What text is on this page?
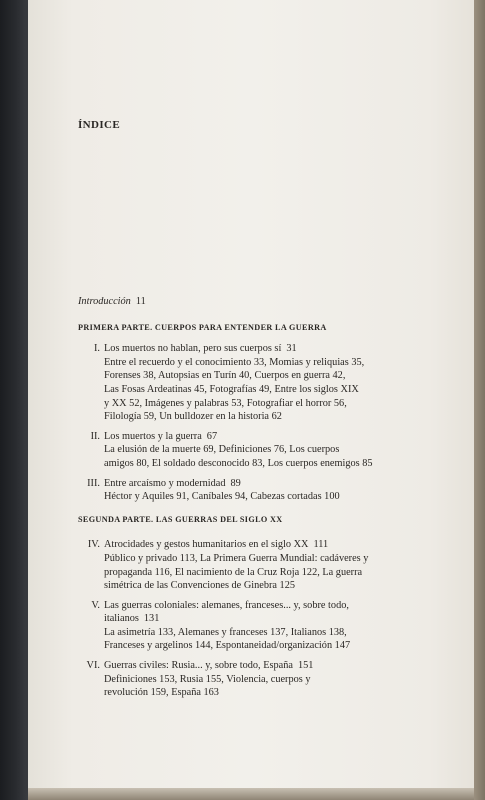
ÍNDICE
Introducción 11
PRIMERA PARTE. CUERPOS PARA ENTENDER LA GUERRA
I. Los muertos no hablan, pero sus cuerpos sí 31
Entre el recuerdo y el conocimiento 33, Momias y reliquias 35,
Forenses 38, Autopsias en Turín 40, Cuerpos en guerra 42,
Las Fosas Ardeatinas 45, Fotografías 49, Entre los siglos XIX
y XX 52, Imágenes y palabras 53, Fotografiar el horror 56,
Filología 59, Un bulldozer en la historia 62
II. Los muertos y la guerra 67
La elusión de la muerte 69, Definiciones 76, Los cuerpos
amigos 80, El soldado desconocido 83, Los cuerpos enemigos 85
III. Entre arcaísmo y modernidad 89
Héctor y Aquiles 91, Caníbales 94, Cabezas cortadas 100
SEGUNDA PARTE. LAS GUERRAS DEL SIGLO XX
IV. Atrocidades y gestos humanitarios en el siglo XX 111
Público y privado 113, La Primera Guerra Mundial: cadáveres y
propaganda 116, El nacimiento de la Cruz Roja 122, La guerra
simétrica de las Convenciones de Ginebra 125
V. Las guerras coloniales: alemanes, franceses... y, sobre todo,
italianos 131
La asimetría 133, Alemanes y franceses 137, Italianos 138,
Franceses y argelinos 144, Espontaneidad/organización 147
VI. Guerras civiles: Rusia... y, sobre todo, España 151
Definiciones 153, Rusia 155, Violencia, cuerpos y
revolución 159, España 163
